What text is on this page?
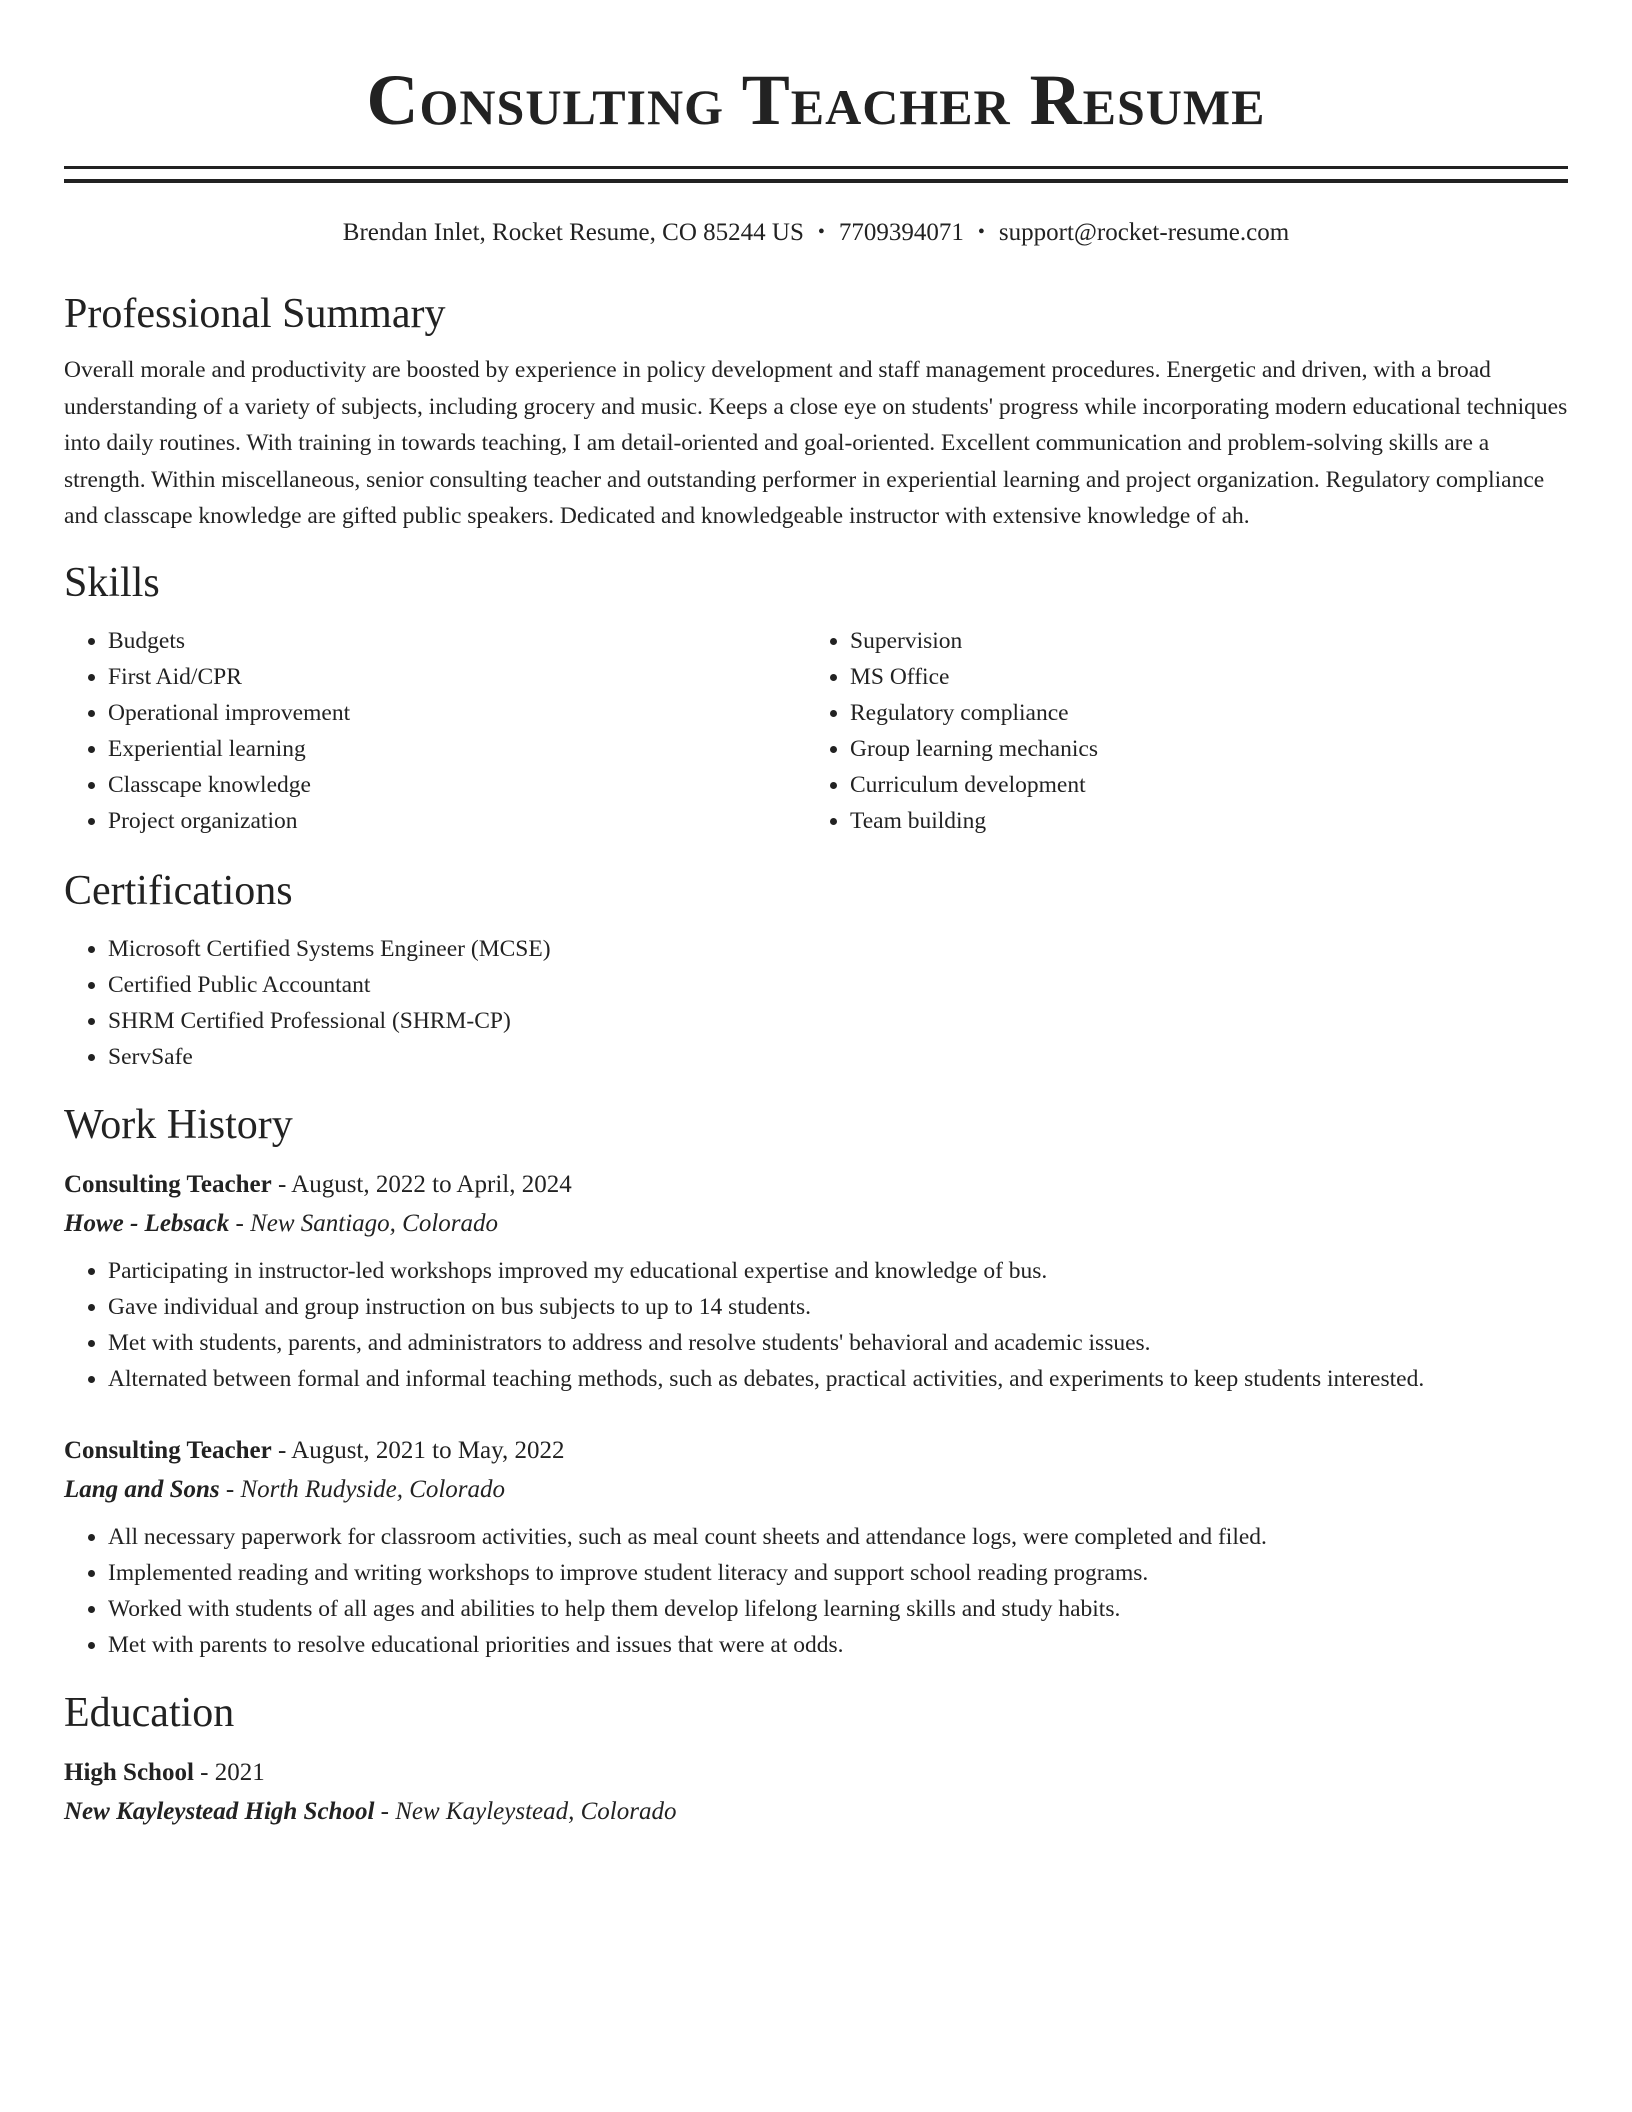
Consulting Teacher Resume
Brendan Inlet, Rocket Resume, CO 85244 US • 7709394071 • support@rocket-resume.com
Professional Summary

Overall morale and productivity are boosted by experience in policy development and staff management procedures. Energetic and driven, with a broad understanding of a variety of subjects, including grocery and music. Keeps a close eye on students' progress while incorporating modern educational techniques into daily routines. With training in towards teaching, I am detail-oriented and goal-oriented. Excellent communication and problem-solving skills are a strength. Within miscellaneous, senior consulting teacher and outstanding performer in experiential learning and project organization. Regulatory compliance and classcape knowledge are gifted public speakers. Dedicated and knowledgeable instructor with extensive knowledge of ah.

Skills
• Budgets
• First Aid/CPR
• Operational improvement
• Experiential learning
• Classcape knowledge
• Project organization
• Supervision
• MS Office
• Regulatory compliance
• Group learning mechanics
• Curriculum development
• Team building
Certifications
• Microsoft Certified Systems Engineer (MCSE)
• Certified Public Accountant
• SHRM Certified Professional (SHRM-CP)
• ServSafe
Work History
Consulting Teacher - August, 2022 to April, 2024
Howe - Lebsack - New Santiago, Colorado
• Participating in instructor-led workshops improved my educational expertise and knowledge of bus.
• Gave individual and group instruction on bus subjects to up to 14 students.
• Met with students, parents, and administrators to address and resolve students' behavioral and academic issues.
• Alternated between formal and informal teaching methods, such as debates, practical activities, and experiments to keep students interested.
Consulting Teacher - August, 2021 to May, 2022
Lang and Sons - North Rudyside, Colorado
• All necessary paperwork for classroom activities, such as meal count sheets and attendance logs, were completed and filed.
• Implemented reading and writing workshops to improve student literacy and support school reading programs.
• Worked with students of all ages and abilities to help them develop lifelong learning skills and study habits.
• Met with parents to resolve educational priorities and issues that were at odds.
Education
High School - 2021
New Kayleystead High School - New Kayleystead, Colorado
